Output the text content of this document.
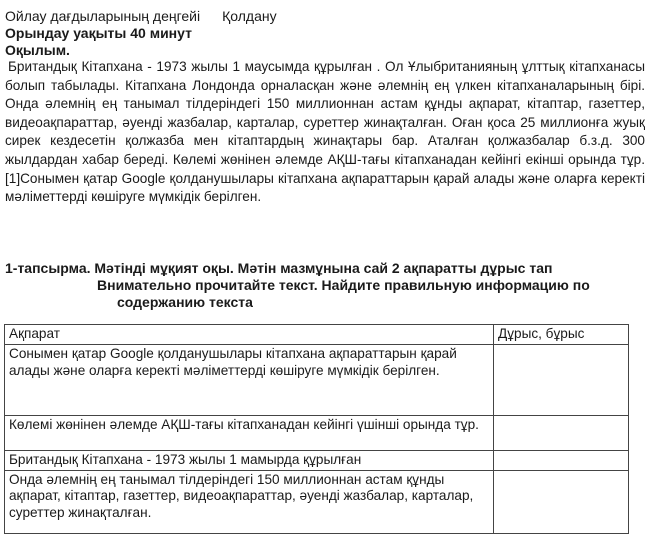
Ойлау дағдыларының деңгейі Қолдану
Орындау уақыты 40 минут
Оқылым.
Британдық Кітапхана - 1973 жылы 1 маусымда құрылған . Ол Ұлыбританияның ұлттық кітапханасы болып табылады. Кітапхана Лондонда орналасқан және әлемнің ең үлкен кітапханаларының бірі. Онда әлемнің ең танымал тілдеріндегі 150 миллионнан астам құнды ақпарат, кітаптар, газеттер, видеоақпараттар, әуенді жазбалар, карталар, суреттер жинақталған. Оған қоса 25 миллионға жуық сирек кездесетін қолжазба мен кітаптардың жинақтары бар. Аталған қолжазбалар б.з.д. 300 жылдардан хабар береді. Көлемі жөнінен әлемде АҚШ-тағы кітапханадан кейінгі екінші орында тұр.[1]Сонымен қатар Google қолданушылары кітапхана ақпараттарын қарай алады және оларға керекті мәліметтерді көшіруге мүмкідік берілген.
1-тапсырма. Мәтінді мұқият оқы. Мәтін мазмұнына сай 2 ақпаратты дұрыс тап
Внимательно прочитайте текст. Найдите правильную информацию по
содержанию текста
Ақпарат	Дұрыс, бұрыс
Сонымен қатар Google қолданушылары кітапхана ақпараттарын қарай алады және оларға керекті мәліметтерді көшіруге мүмкідік берілген.	
Көлемі жөнінен әлемде АҚШ-тағы кітапханадан кейінгі үшінші орында тұр.	
Британдық Кітапхана - 1973 жылы 1 мамырда құрылған	
Онда әлемнің ең танымал тілдеріндегі 150 миллионнан астам құнды ақпарат, кітаптар, газеттер, видеоақпараттар, әуенді жазбалар, карталар, суреттер жинақталған.	
